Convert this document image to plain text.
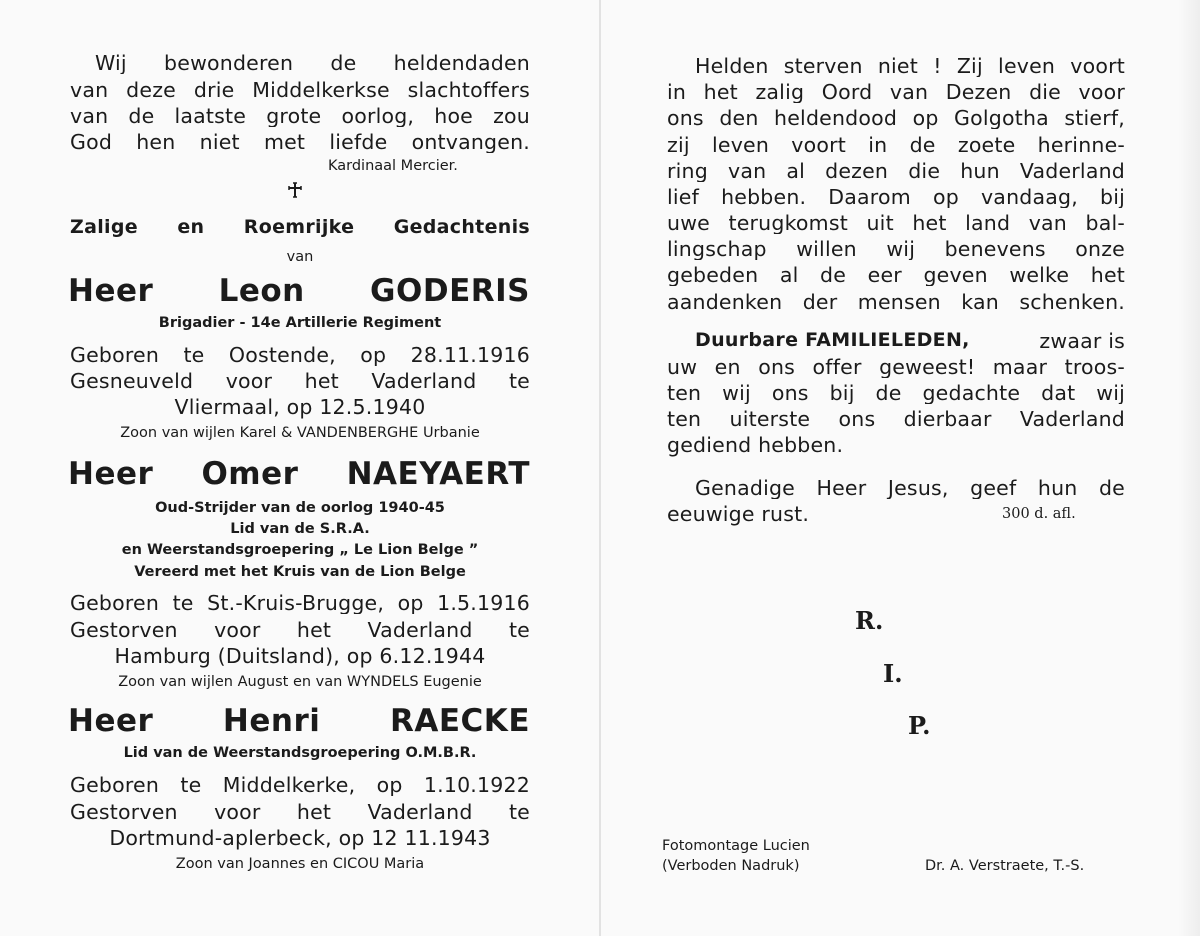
Wij bewonderen de heldendaden
van deze drie Middelkerkse slachtoffers
van de laatste grote oorlog, hoe zou
God hen niet met liefde ontvangen.
Kardinaal Mercier.
Zalige en Roemrijke Gedachtenis
van
Heer Leon GODERIS
Brigadier - 14e Artillerie Regiment
Geboren te Oostende, op 28.11.1916
Gesneuveld voor het Vaderland te
Vliermaal, op 12.5.1940
Zoon van wijlen Karel & VANDENBERGHE Urbanie
Heer Omer NAEYAERT
Oud-Strijder van de oorlog 1940-45
Lid van de S.R.A.
en Weerstandsgroepering „ Le Lion Belge ”
Vereerd met het Kruis van de Lion Belge
Geboren te St.-Kruis-Brugge, op 1.5.1916
Gestorven voor het Vaderland te
Hamburg (Duitsland), op 6.12.1944
Zoon van wijlen August en van WYNDELS Eugenie
Heer Henri RAECKE
Lid van de Weerstandsgroepering O.M.B.R.
Geboren te Middelkerke, op 1.10.1922
Gestorven voor het Vaderland te
Dortmund-aplerbeck, op 12 11.1943
Zoon van Joannes en CICOU Maria
Helden sterven niet ! Zij leven voort
in het zalig Oord van Dezen die voor
ons den heldendood op Golgotha stierf,
zij leven voort in de zoete herinne-
ring van al dezen die hun Vaderland
lief hebben. Daarom op vandaag, bij
uwe terugkomst uit het land van bal-
lingschap willen wij benevens onze
gebeden al de eer geven welke het
aandenken der mensen kan schenken.
Duurbare FAMILIELEDEN,	zwaar is
uw en ons offer geweest! maar troos-
ten wij ons bij de gedachte dat wij
ten uiterste ons dierbaar Vaderland
gediend hebben.
Genadige Heer Jesus, geef hun de
eeuwige rust.	300 d. afl.
R.
I.
P.
Fotomontage Lucien
(Verboden Nadruk)	Dr. A. Verstraete, T.-S.
